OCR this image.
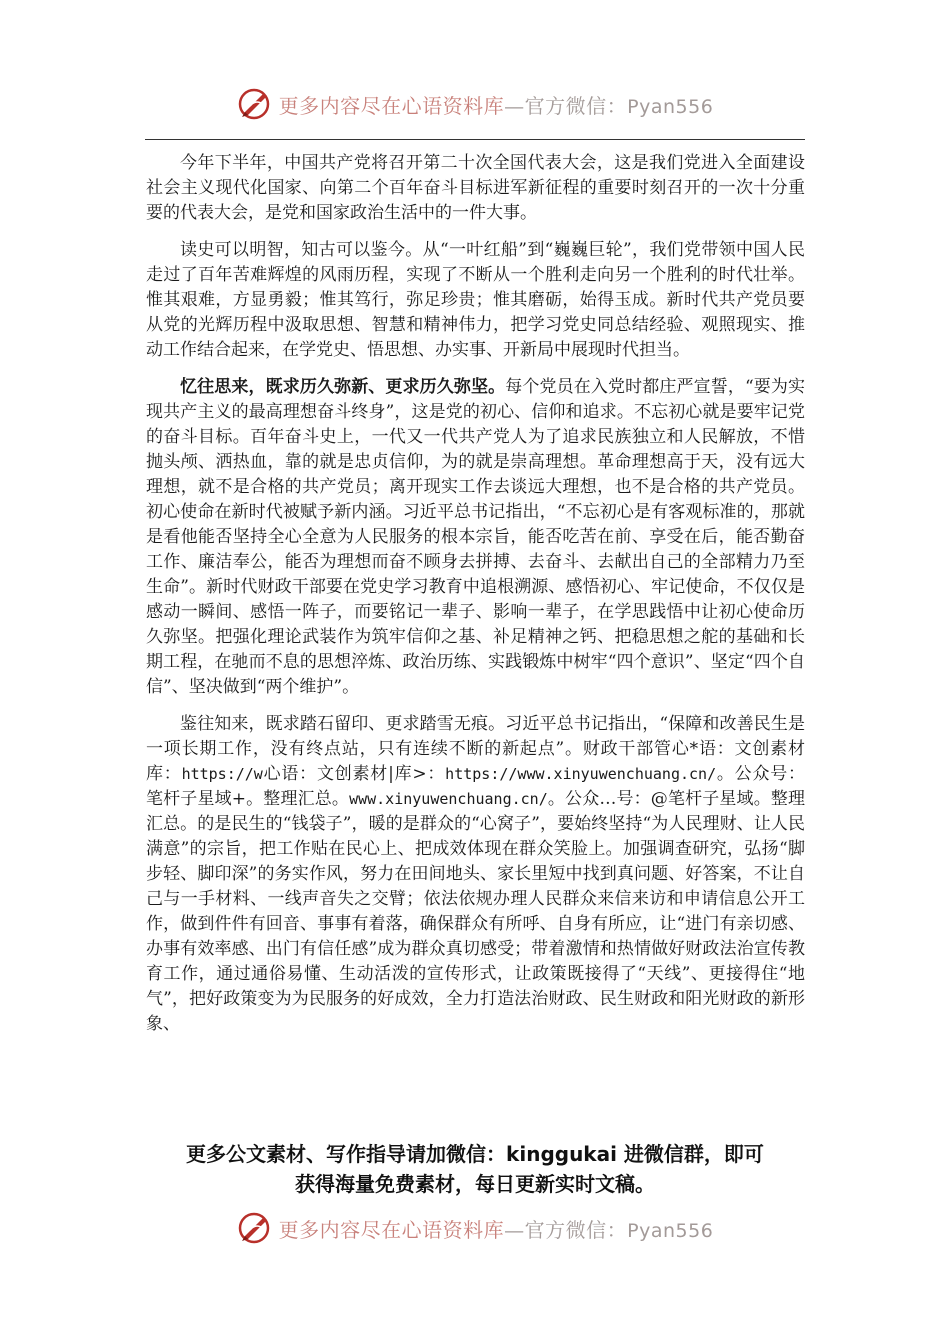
更多内容尽在心语资料库—官方微信：Pyan556

今年下半年，中国共产党将召开第二十次全国代表大会，这是我们党进入全面建设社会主义现代化国家、向第二个百年奋斗目标进军新征程的重要时刻召开的一次十分重要的代表大会，是党和国家政治生活中的一件大事。

读史可以明智，知古可以鉴今。从“一叶红船”到“巍巍巨轮”，我们党带领中国人民走过了百年苦难辉煌的风雨历程，实现了不断从一个胜利走向另一个胜利的时代壮举。惟其艰难，方显勇毅；惟其笃行，弥足珍贵；惟其磨砺，始得玉成。新时代共产党员要从党的光辉历程中汲取思想、智慧和精神伟力，把学习党史同总结经验、观照现实、推动工作结合起来，在学党史、悟思想、办实事、开新局中展现时代担当。

忆往思来，既求历久弥新、更求历久弥坚。每个党员在入党时都庄严宣誓，“要为实现共产主义的最高理想奋斗终身”，这是党的初心、信仰和追求。不忘初心就是要牢记党的奋斗目标。百年奋斗史上，一代又一代共产党人为了追求民族独立和人民解放，不惜抛头颅、洒热血，靠的就是忠贞信仰，为的就是崇高理想。革命理想高于天，没有远大理想，就不是合格的共产党员；离开现实工作去谈远大理想，也不是合格的共产党员。初心使命在新时代被赋予新内涵。习近平总书记指出，“不忘初心是有客观标准的，那就是看他能否坚持全心全意为人民服务的根本宗旨，能否吃苦在前、享受在后，能否勤奋工作、廉洁奉公，能否为理想而奋不顾身去拼搏、去奋斗、去献出自己的全部精力乃至生命”。新时代财政干部要在党史学习教育中追根溯源、感悟初心、牢记使命，不仅仅是感动一瞬间、感悟一阵子，而要铭记一辈子、影响一辈子，在学思践悟中让初心使命历久弥坚。把强化理论武装作为筑牢信仰之基、补足精神之钙、把稳思想之舵的基础和长期工程，在驰而不息的思想淬炼、政治历练、实践锻炼中树牢“四个意识”、坚定“四个自信”、坚决做到“两个维护”。

鉴往知来，既求踏石留印、更求踏雪无痕。习近平总书记指出，“保障和改善民生是一项长期工作，没有终点站，只有连续不断的新起点”。财政干部管心*语：文创素材库：https://w心语：文创素材|库>：https://www.xinyuwenchuang.cn/。公众号：笔杆子星域+。整理汇总。www.xinyuwenchuang.cn/。公众…号：@笔杆子星域。整理汇总。的是民生的“钱袋子”，暖的是群众的“心窝子”，要始终坚持“为人民理财、让人民满意”的宗旨，把工作贴在民心上、把成效体现在群众笑脸上。加强调查研究，弘扬“脚步轻、脚印深”的务实作风，努力在田间地头、家长里短中找到真问题、好答案，不让自己与一手材料、一线声音失之交臂；依法依规办理人民群众来信来访和申请信息公开工作，做到件件有回音、事事有着落，确保群众有所呼、自身有所应，让“进门有亲切感、办事有效率感、出门有信任感”成为群众真切感受；带着激情和热情做好财政法治宣传教育工作，通过通俗易懂、生动活泼的宣传形式，让政策既接得了“天线”、更接得住“地气”，把好政策变为为民服务的好成效，全力打造法治财政、民生财政和阳光财政的新形象、

更多公文素材、写作指导请加微信：kinggukai 进微信群，即可
获得海量免费素材，每日更新实时文稿。
更多内容尽在心语资料库—官方微信：Pyan556
